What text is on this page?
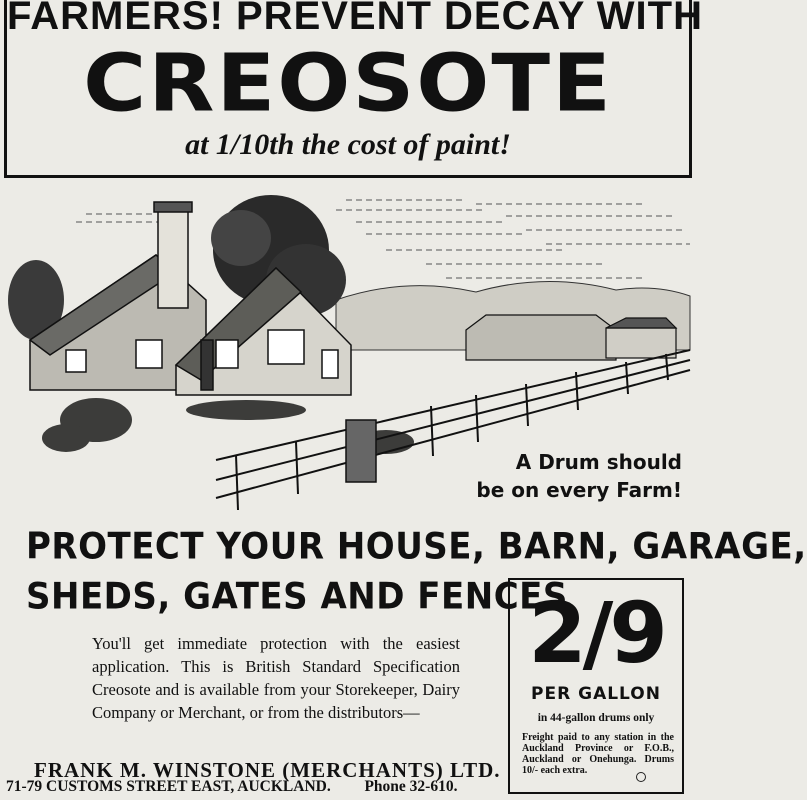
FARMERS! PREVENT DECAY WITH
CREOSOTE
at 1/10th the cost of paint!
A Drum should
be on every Farm!
PROTECT YOUR HOUSE, BARN, GARAGE,
SHEDS, GATES AND FENCES
You'll get immediate protection with the easiest application. This is British Standard Specification Creosote and is available from your Storekeeper, Dairy Company or Merchant, or from the distributors—
FRANK M. WINSTONE (MERCHANTS) LTD.
71-79 CUSTOMS STREET EAST, AUCKLAND. Phone 32-610.
2/9
PER GALLON
in 44-gallon drums only
Freight paid to any station in the Auckland Province or F.O.B., Auckland or Onehunga. Drums 10/- each extra.
